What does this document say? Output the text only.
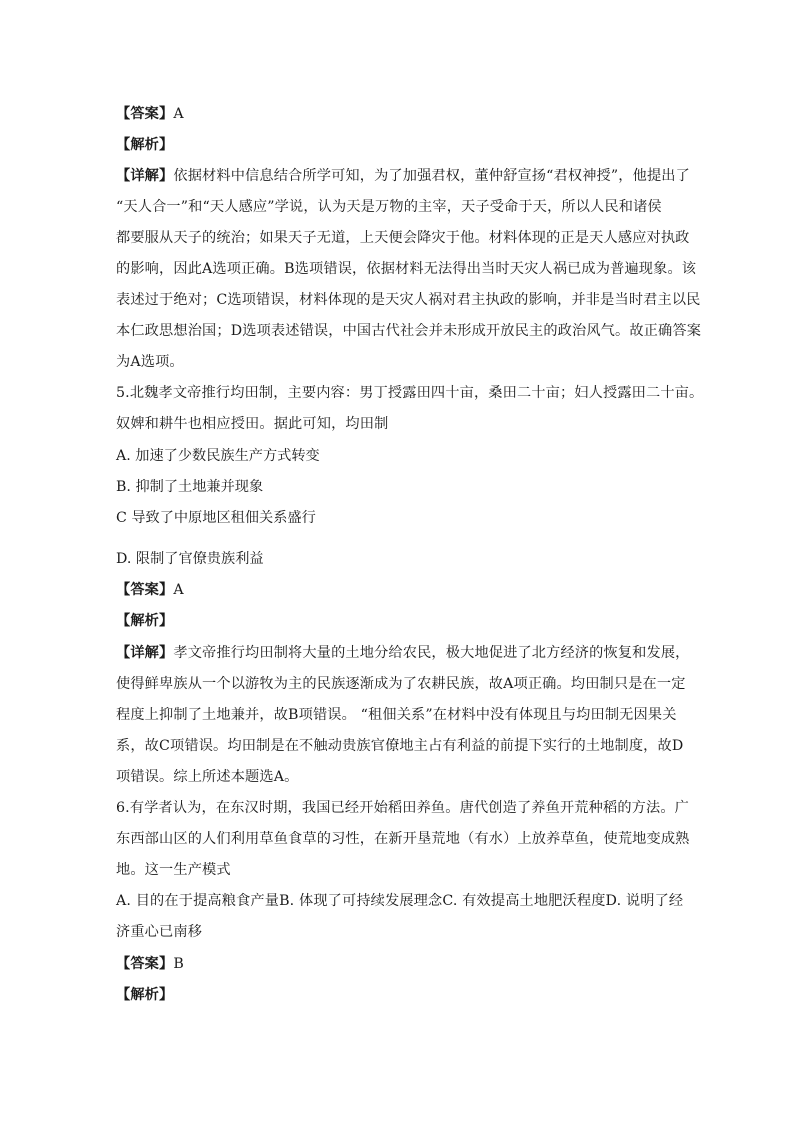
【答案】A
【解析】
【详解】依据材料中信息结合所学可知，为了加强君权，董仲舒宣扬“君权神授”，他提出了
“天人合一”和“天人感应”学说，认为天是万物的主宰，天子受命于天，所以人民和诸侯
都要服从天子的统治；如果天子无道，上天便会降灾于他。材料体现的正是天人感应对执政
的影响，因此A选项正确。B选项错误，依据材料无法得出当时天灾人祸已成为普遍现象。该
表述过于绝对；C选项错误，材料体现的是天灾人祸对君主执政的影响，并非是当时君主以民
本仁政思想治国；D选项表述错误，中国古代社会并未形成开放民主的政治风气。故正确答案
为A选项。
5.北魏孝文帝推行均田制，主要内容：男丁授露田四十亩，桑田二十亩；妇人授露田二十亩。
奴婢和耕牛也相应授田。据此可知，均田制
A. 加速了少数民族生产方式转变
B. 抑制了土地兼并现象
C 导致了中原地区租佃关系盛行
D. 限制了官僚贵族利益
【答案】A
【解析】
【详解】孝文帝推行均田制将大量的土地分给农民，极大地促进了北方经济的恢复和发展，
使得鲜卑族从一个以游牧为主的民族逐渐成为了农耕民族，故A项正确。均田制只是在一定
程度上抑制了土地兼并，故B项错误。 “租佃关系”在材料中没有体现且与均田制无因果关
系，故C项错误。均田制是在不触动贵族官僚地主占有利益的前提下实行的土地制度，故D
项错误。综上所述本题选A。
6.有学者认为，在东汉时期，我国已经开始稻田养鱼。唐代创造了养鱼开荒种稻的方法。广
东西部山区的人们利用草鱼食草的习性，在新开垦荒地（有水）上放养草鱼，使荒地变成熟
地。这一生产模式
A. 目的在于提高粮食产量B. 体现了可持续发展理念C. 有效提高土地肥沃程度D. 说明了经
济重心已南移
【答案】B
【解析】
